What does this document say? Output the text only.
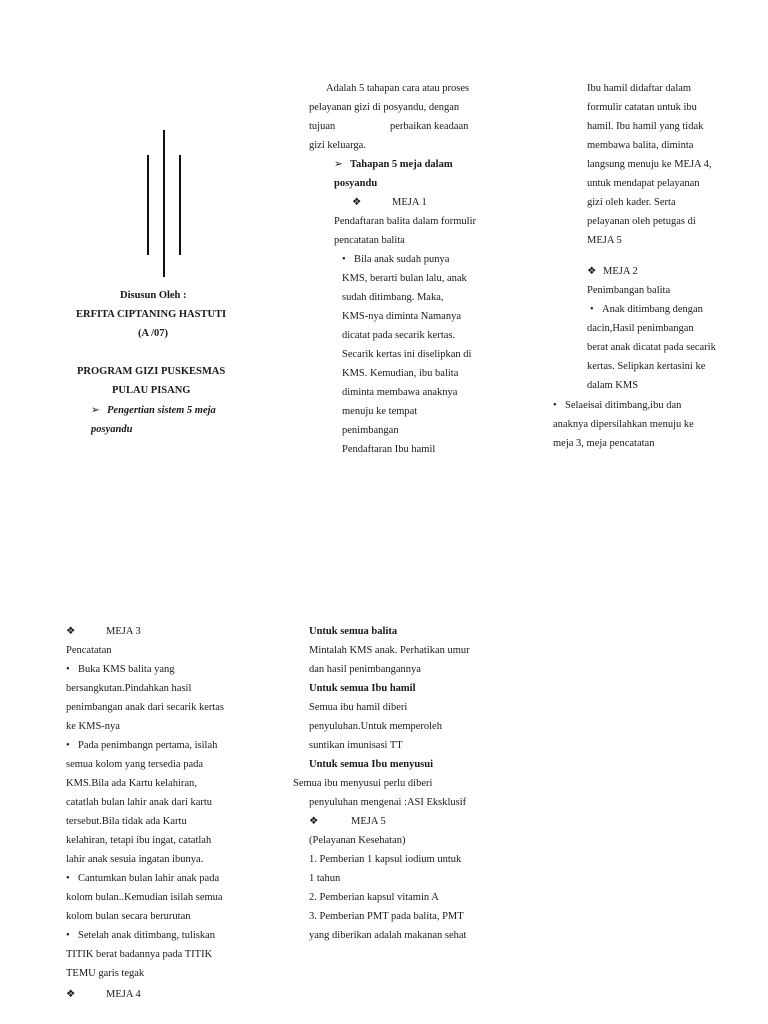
Disusun Oleh :
ERFITA CIPTANING HASTUTI
(A /07)
PROGRAM GIZI PUSKESMAS
PULAU PISANG
➢ Pengertian sistem 5 meja
posyandu
Adalah 5 tahapan cara atau proses
pelayanan gizi di posyandu, dengan
tujuan	perbaikan keadaan
gizi keluarga.
➢ Tahapan 5 meja dalam
posyandu
❖	MEJA 1
Pendaftaran balita dalam formulir
pencatatan balita
• Bila anak sudah punya
KMS, berarti bulan lalu, anak
sudah ditimbang. Maka,
KMS-nya diminta Namanya
dicatat pada secarik kertas.
Secarik kertas ini diselipkan di
KMS. Kemudian, ibu balita
diminta membawa anaknya
menuju ke tempat
penimbangan
Pendaftaran Ibu hamil
Ibu hamil didaftar dalam
formulir catatan untuk ibu
hamil. Ibu hamil yang tidak
membawa balita, diminta
langsung menuju ke MEJA 4,
untuk mendapat pelayanan
gizi oleh kader. Serta
pelayanan oleh petugas di
MEJA 5
❖ MEJA 2
Penimbangan balita
• Anak ditimbang dengan
dacin,Hasil penimbangan
berat anak dicatat pada secarik
kertas. Selipkan kertasini ke
dalam KMS
• Selaeisai ditimbang,ibu dan
anaknya dipersilahkan menuju ke
meja 3, meja pencatatan
❖	MEJA 3
Pencatatan
• Buka KMS balita yang
bersangkutan.Pindahkan hasil
penimbangan anak dari secarik kertas
ke KMS-nya
• Pada penimbangn pertama, isilah
semua kolom yang tersedia pada
KMS.Bila ada Kartu kelahiran,
catatlah bulan lahir anak dari kartu
tersebut.Bila tidak ada Kartu
kelahiran, tetapi ibu ingat, catatlah
lahir anak sesuia ingatan ibunya.
• Cantumkan bulan lahir anak pada
kolom bulan..Kemudian isilah semua
kolom bulan secara berurutan
• Setelah anak ditimbang, tuliskan
TITIK berat badannya pada TITIK
TEMU garis tegak
❖	MEJA 4
Untuk semua balita
Mintalah KMS anak. Perhatikan umur
dan hasil penimbangannya
Untuk semua Ibu hamil
Semua ibu hamil diberi
penyuluhan.Untuk memperoleh
suntikan imunisasi TT
Untuk semua Ibu menyusui
Semua ibu menyusui perlu diberi
penyuluhan mengenai :ASI Eksklusif
❖	MEJA 5
(Pelayanan Kesehatan)
1. Pemberian 1 kapsul iodium untuk
1 tahun
2. Pemberian kapsul vitamin A
3. Pemberian PMT pada balita, PMT
yang diberikan adalah makanan sehat
